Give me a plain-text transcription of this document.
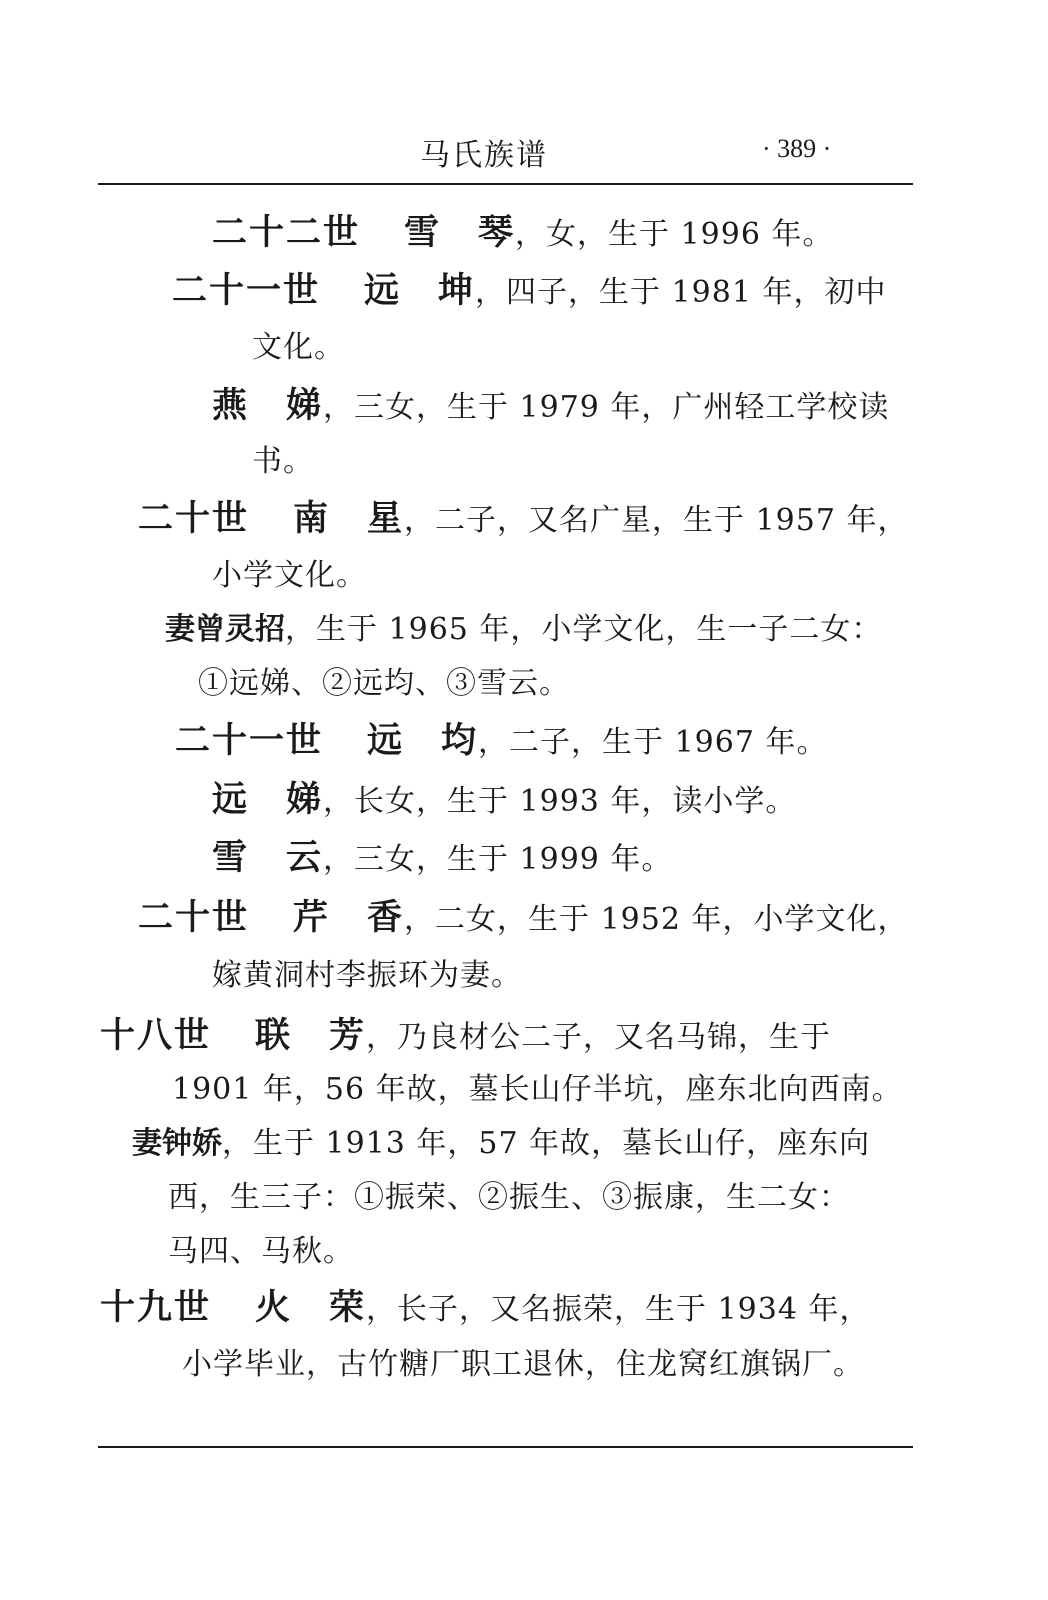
马氏族谱	· 389 ·
二十二世 雪　琴，女，生于 1996 年。
二十一世 远　坤，四子，生于 1981 年，初中
文化。
燕　娣，三女，生于 1979 年，广州轻工学校读
书。
二十世 南　星，二子，又名广星，生于 1957 年，
小学文化。
妻曾灵招，生于 1965 年，小学文化，生一子二女：
①远娣、②远均、③雪云。
二十一世 远　均，二子，生于 1967 年。
远　娣，长女，生于 1993 年，读小学。
雪　云，三女，生于 1999 年。
二十世 芹　香，二女，生于 1952 年，小学文化，
嫁黄洞村李振环为妻。
十八世 联　芳，乃良材公二子，又名马锦，生于
1901 年，56 年故，墓长山仔半坑，座东北向西南。
妻钟娇，生于 1913 年，57 年故，墓长山仔，座东向
西，生三子：①振荣、②振生、③振康，生二女：
马四、马秋。
十九世 火　荣，长子，又名振荣，生于 1934 年，
小学毕业，古竹糖厂职工退休，住龙窝红旗锅厂。
